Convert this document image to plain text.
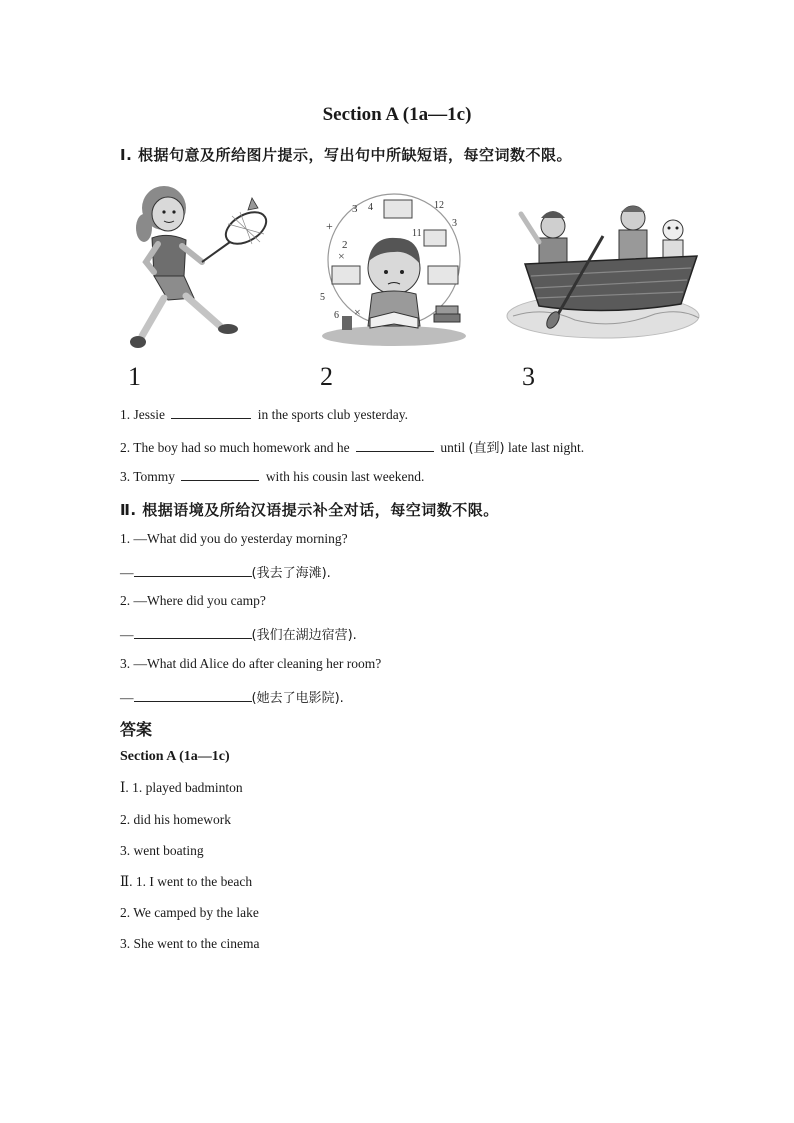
Section A (1a—1c)
Ⅰ. 根据句意及所给图片提示，写出句中所缺短语，每空词数不限。
1
+
3
2
4	12
3
11
5
6 ×
×
2	3
1. Jessie	in the sports club yesterday.
2. The boy had so much homework and he	until (直到) late last night.
3. Tommy	with his cousin last weekend.
Ⅱ. 根据语境及所给汉语提示补全对话，每空词数不限。
1. —What did you do yesterday morning?
—	(我去了海滩).
2. —Where did you camp?
—	(我们在湖边宿营).
3. —What did Alice do after cleaning her room?
—	(她去了电影院).
答案
Section A (1a—1c)
Ⅰ. 1. played badminton
2. did his homework
3. went boating
Ⅱ. 1. I went to the beach
2. We camped by the lake
3. She went to the cinema
